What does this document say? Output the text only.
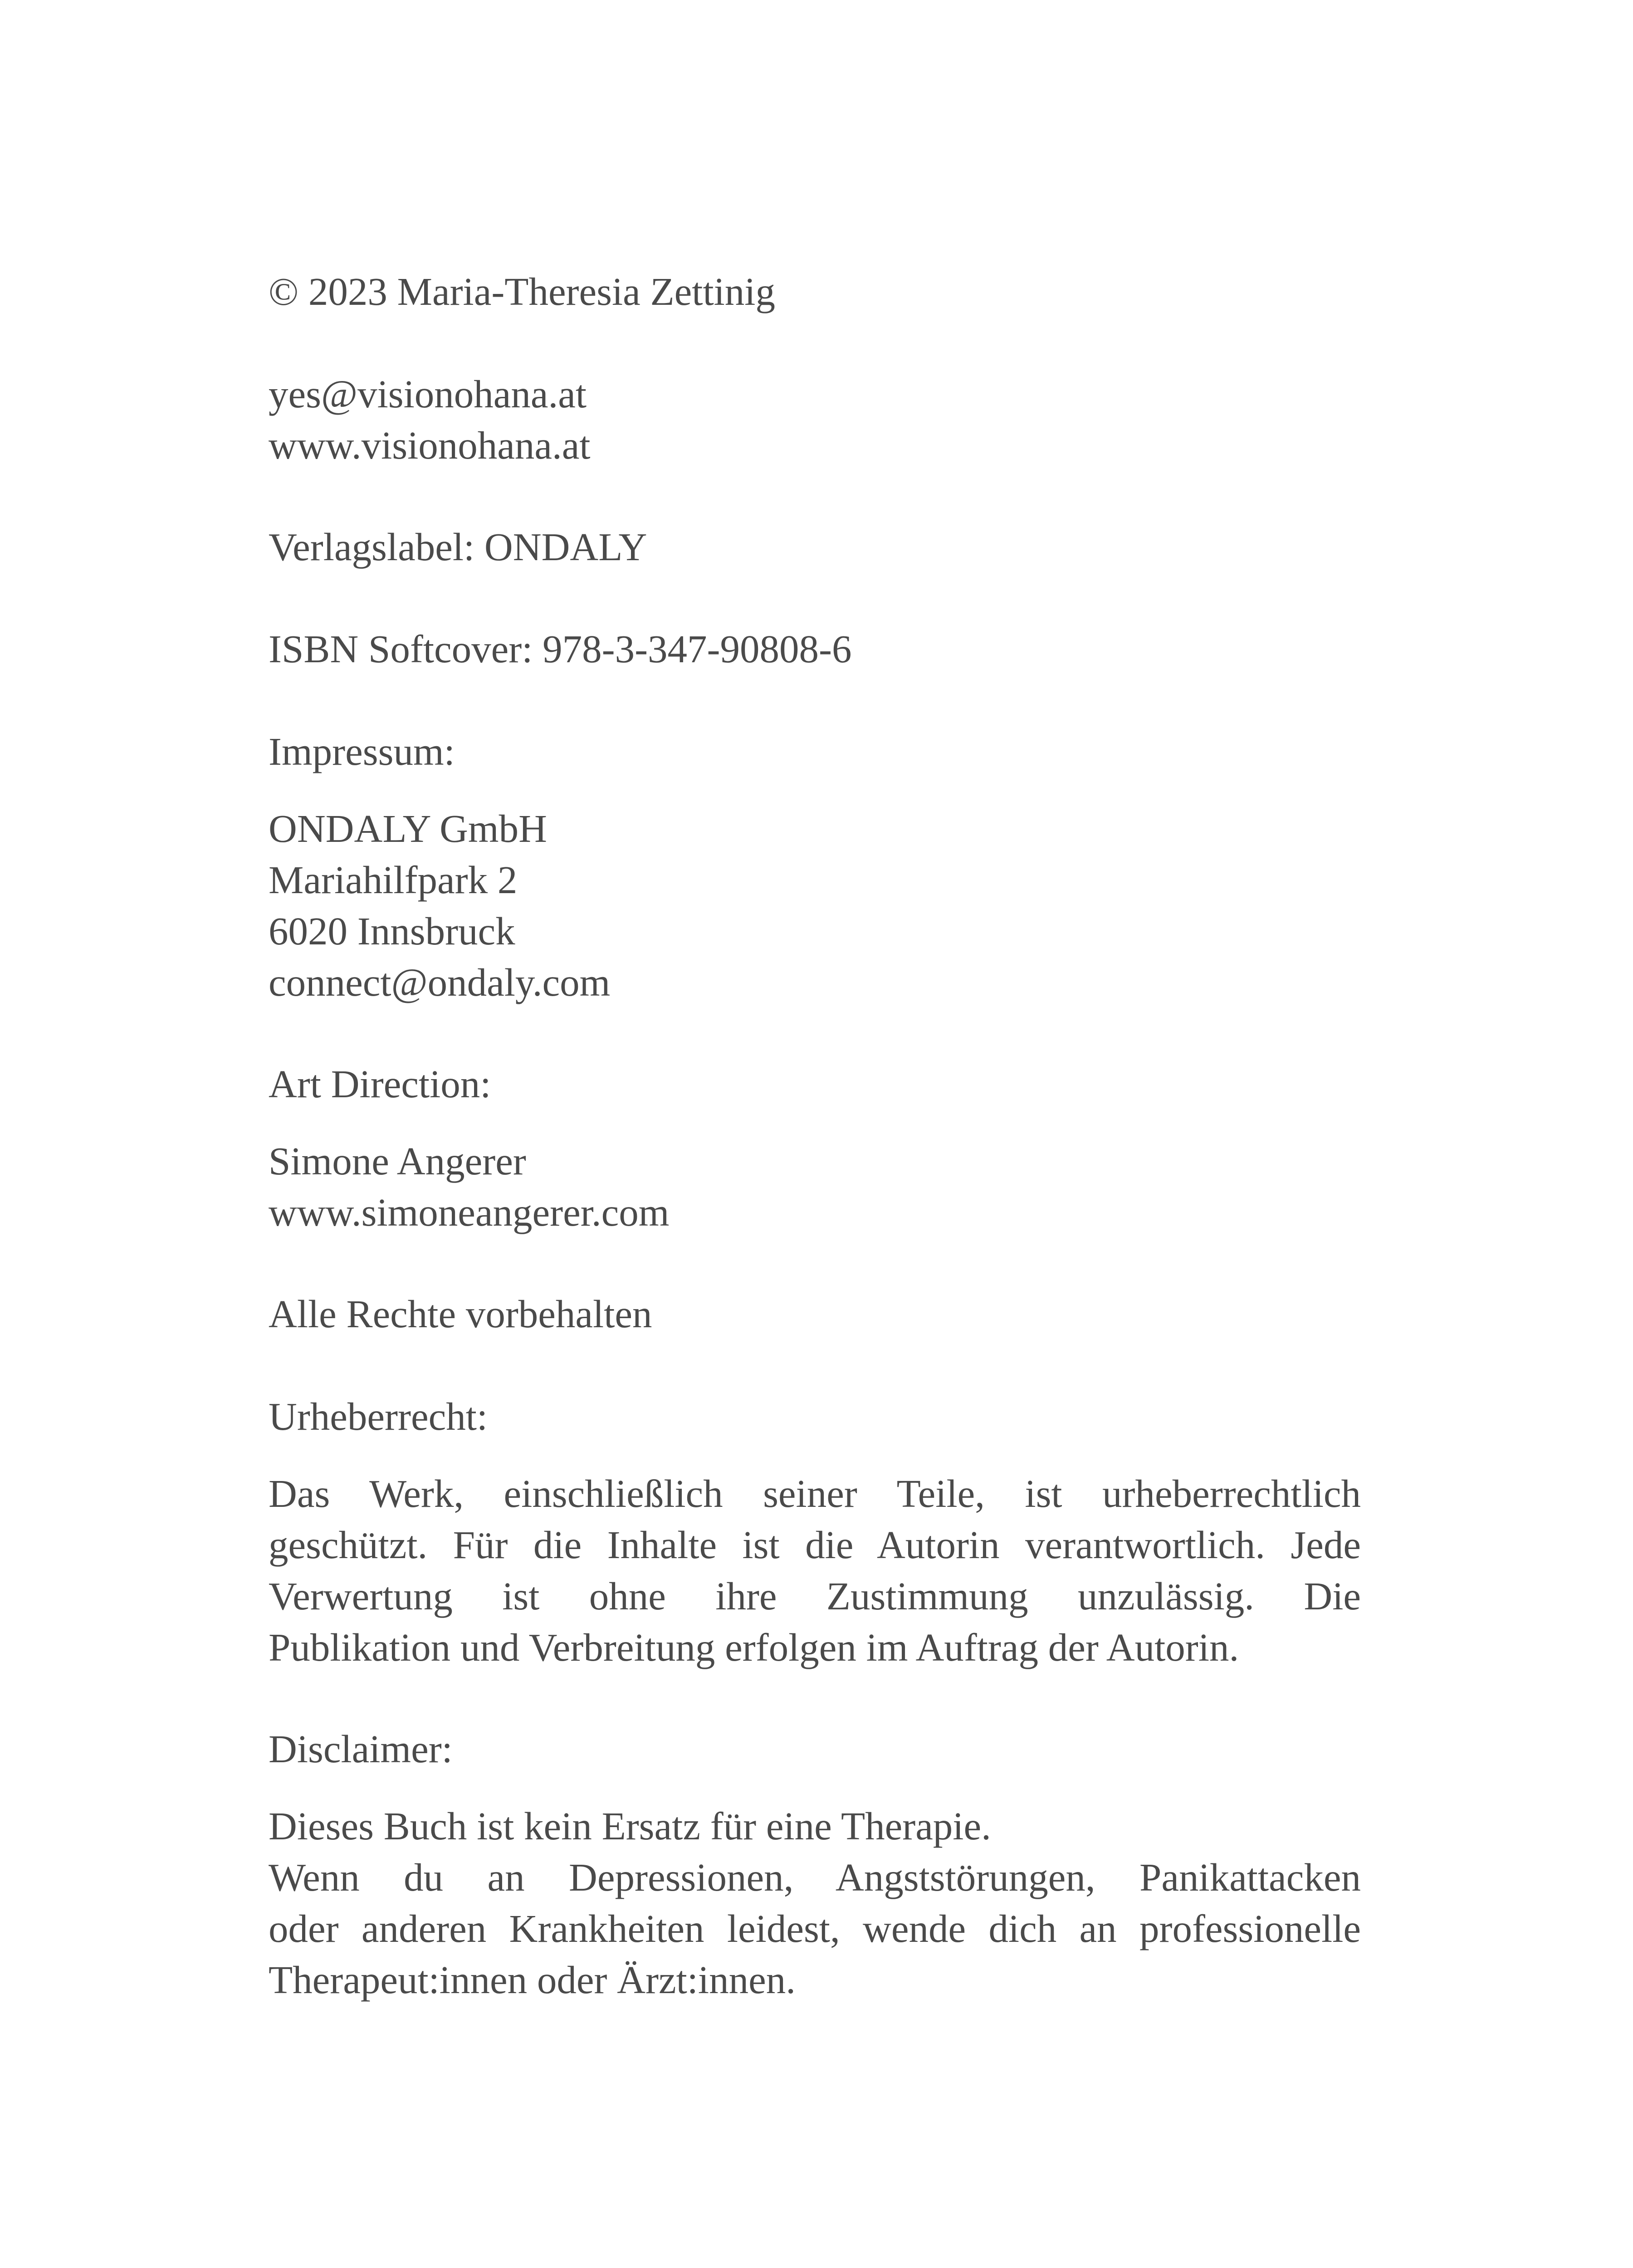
© 2023 Maria-Theresia Zettinig
yes@visionohana.at
www.visionohana.at
Verlagslabel: ONDALY
ISBN Softcover: 978-3-347-90808-6
Impressum:
ONDALY GmbH
Mariahilfpark 2
6020 Innsbruck
connect@ondaly.com
Art Direction:
Simone Angerer
www.simoneangerer.com
Alle Rechte vorbehalten
Urheberrecht:
Das Werk, einschließlich seiner Teile, ist urheberrechtlich
geschützt. Für die Inhalte ist die Autorin verantwortlich. Jede
Verwertung ist ohne ihre Zustimmung unzulässig. Die
Publikation und Verbreitung erfolgen im Auftrag der Autorin.
Disclaimer:
Dieses Buch ist kein Ersatz für eine Therapie.
Wenn du an Depressionen, Angststörungen, Panikattacken
oder anderen Krankheiten leidest, wende dich an professionelle
Therapeut:innen oder Ärzt:innen.
